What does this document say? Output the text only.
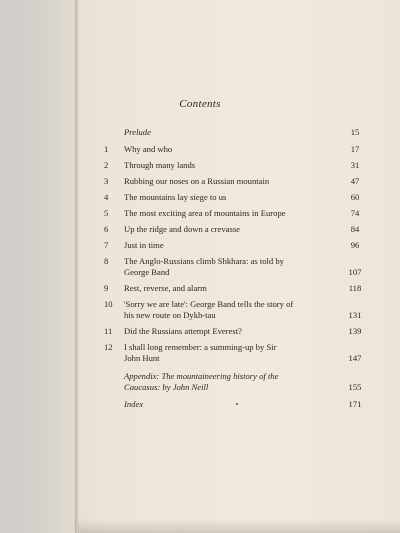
Contents
Prelude	15
1	Why and who	17
2	Through many lands	31
3	Rubbing our noses on a Russian mountain	47
4	The mountains lay siege to us	60
5	The most exciting area of mountains in Europe	74
6	Up the ridge and down a crevasse	84
7	Just in time	96
8	The Anglo-Russians climb Shkhara: as told by
George Band	107
9	Rest, reverse, and alarm	118
10	'Sorry we are late': George Band tells the story of
his new route on Dykh-tau	131
11	Did the Russians attempt Everest?	139
12	I shall long remember: a summing-up by Sir
John Hunt	147
Appendix: The mountaineering history of the
Caucasus: by John Neill	155
Index	171
